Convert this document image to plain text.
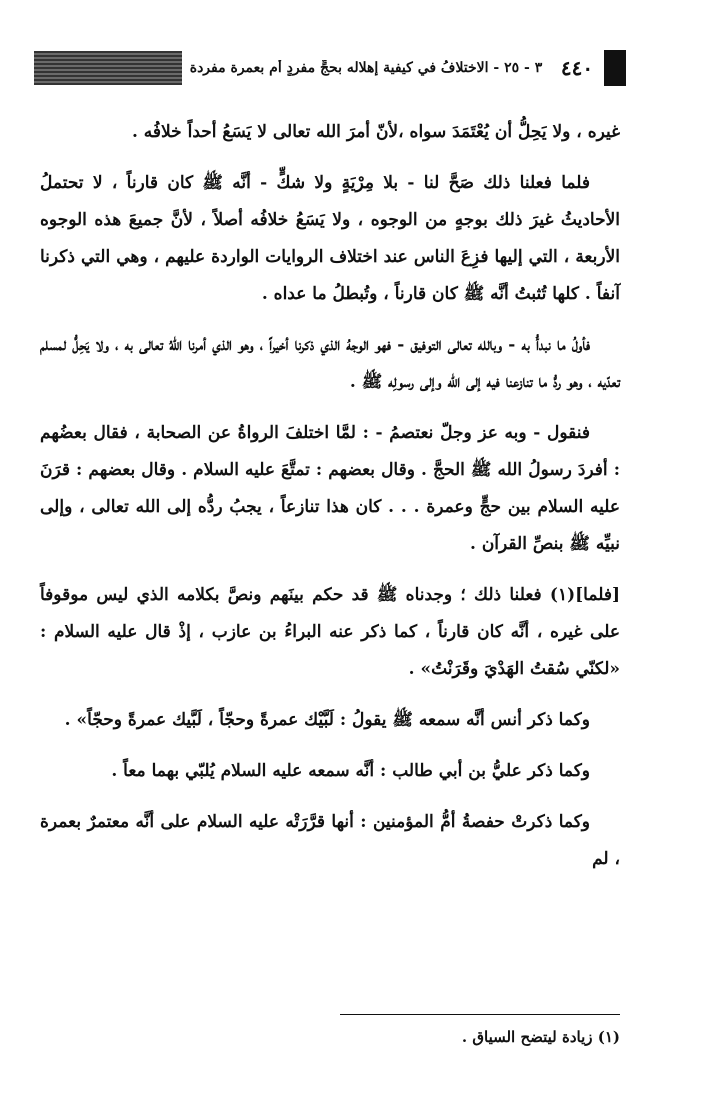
٣ - ٢٥ - الاختلافُ في كيفية إهلاله بحجٍّ مفردٍ أم بعمرة مفردة ٤٤٠

غيره ، ولا يَحِلُّ أن يُعْتَمَدَ سواه ،لأنّ أمرَ الله تعالى لا يَسَعُ أحداً خلافُه .

فلما فعلنا ذلك صَحَّ لنا - بلا مِرْيَةٍ ولا شكٍّ - أنَّه ﷺ كان قارناً ، لا تحتملُ الأحاديثُ غيرَ ذلك بوجهٍ من الوجوه ، ولا يَسَعُ خلافُه أصلاً ، لأنَّ جميعَ هذه الوجوه الأربعة ، التي إليها فزِعَ الناس عند اختلاف الروايات الواردة عليهم ، وهي التي ذكرنا آنفاً . كلها تُثبتُ أنَّه ﷺ كان قارناً ، وتُبطلُ ما عداه .

فأولُ ما نبدأُ به - وبالله تعالى التوفيق - فهو الوجهُ الذي ذكرنا أخيراً ، وهو الذي أمرنا اللهُ تعالى به ، ولا يَحِلُّ لمسلم تعدّيه ، وهو ردُّ ما تنازعنا فيه إلى الله وإلى رسولِه ﷺ .

فنقول - وبه عز وجلّ نعتصمُ - : لمَّا اختلفَ الرواةُ عن الصحابة ، فقال بعضُهم : أفردَ رسولُ الله ﷺ الحجَّ . وقال بعضهم : تمتَّعَ عليه السلام . وقال بعضهم : قرَنَ عليه السلام بين حجٍّ وعمرة . . . كان هذا تنازعاً ، يجبُ ردُّه إلى الله تعالى ، وإلى نبيِّه ﷺ بنصِّ القرآن .

[فلما](١) فعلنا ذلك ؛ وجدناه ﷺ قد حكم بينَهم ونصَّ بكلامه الذي ليس موقوفاً على غيره ، أنَّه كان قارناً ، كما ذكر عنه البراءُ بن عازب ، إذْ قال عليه السلام : «لكنّي سُقتُ الهَدْيَ وقَرَنْتُ» .

وكما ذكر أنس أنَّه سمعه ﷺ يقولُ : لَبَّيْك عمرةً وحجّاً ، لَبَّيك عمرةً وحجّاً» .

وكما ذكر عليُّ بن أبي طالب : أنَّه سمعه عليه السلام يُلبّي بهما معاً .

وكما ذكرتْ حفصةُ أمُّ المؤمنين : أنها قرَّرَتْه عليه السلام على أنَّه معتمرٌ بعمرة ، لم

(١) زيادة ليتضح السياق .
